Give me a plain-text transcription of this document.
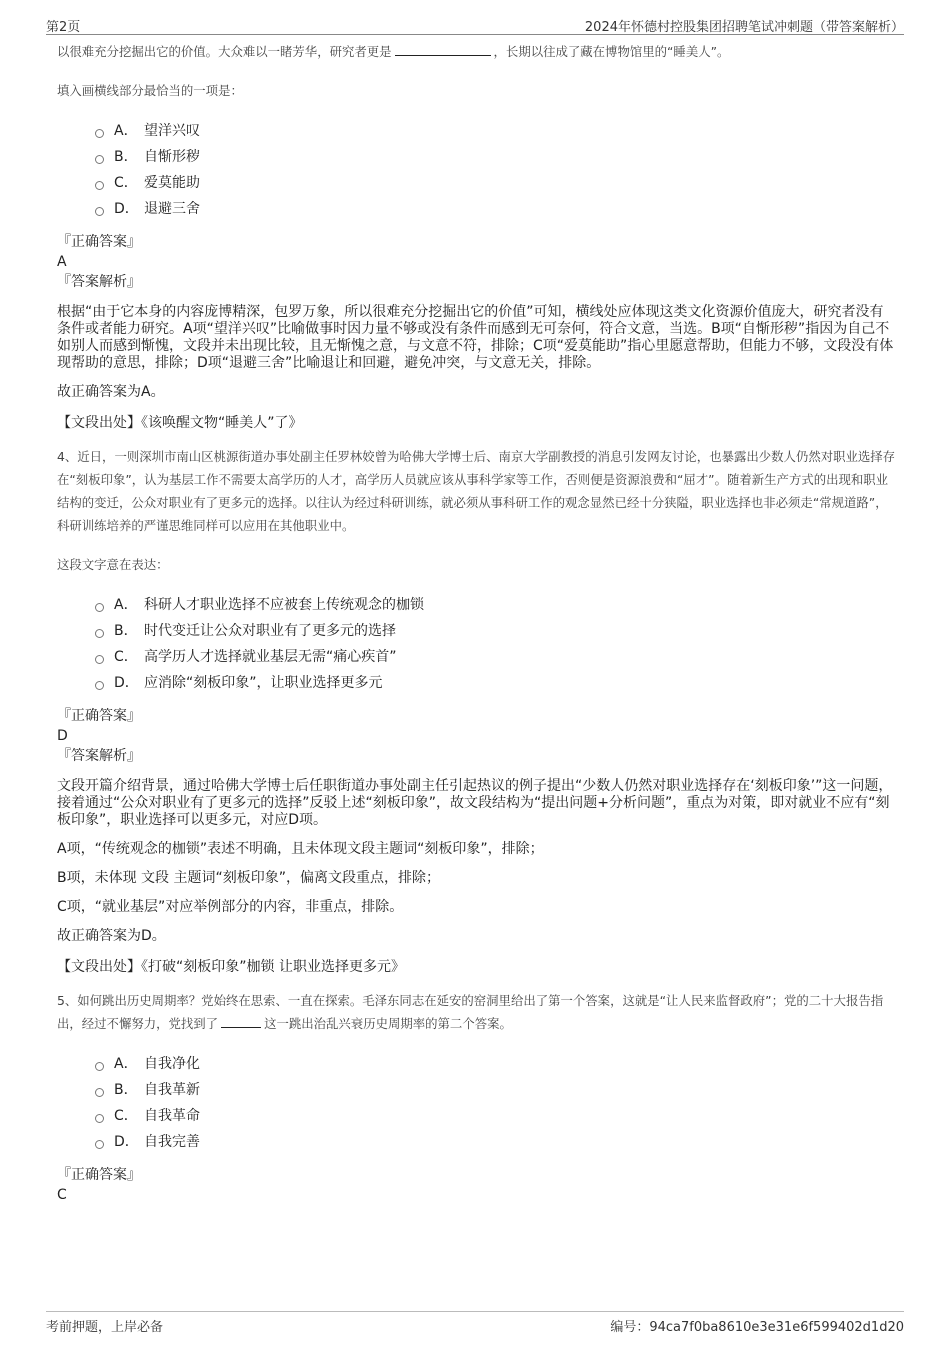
第2页	2024年怀德村控股集团招聘笔试冲刺题（带答案解析）

以很难充分挖掘出它的价值。大众难以一睹芳华，研究者更是	，长期以往成了藏在博物馆里的“睡美人”。

填入画横线部分最恰当的一项是：

A． 望洋兴叹
B． 自惭形秽
C． 爱莫能助
D． 退避三舍

『正确答案』

A

『答案解析』

根据“由于它本身的内容庞博精深，包罗万象，所以很难充分挖掘出它的价值”可知，横线处应体现这类文化资源价值庞大，研究者没有条件或者能力研究。A项“望洋兴叹”比喻做事时因力量不够或没有条件而感到无可奈何，符合文意，当选。B项“自惭形秽”指因为自己不如别人而感到惭愧，文段并未出现比较，且无惭愧之意，与文意不符，排除；C项“爱莫能助”指心里愿意帮助，但能力不够，文段没有体现帮助的意思，排除；D项“退避三舍”比喻退让和回避，避免冲突，与文意无关，排除。

故正确答案为A。

【文段出处】《该唤醒文物“睡美人”了》

4、近日，一则深圳市南山区桃源街道办事处副主任罗林姣曾为哈佛大学博士后、南京大学副教授的消息引发网友讨论，也暴露出少数人仍然对职业选择存在“刻板印象”，认为基层工作不需要太高学历的人才，高学历人员就应该从事科学家等工作，否则便是资源浪费和“屈才”。随着新生产方式的出现和职业结构的变迁，公众对职业有了更多元的选择。以往认为经过科研训练，就必须从事科研工作的观念显然已经十分狭隘，职业选择也非必须走“常规道路”，科研训练培养的严谨思维同样可以应用在其他职业中。

这段文字意在表达：

A． 科研人才职业选择不应被套上传统观念的枷锁
B． 时代变迁让公众对职业有了更多元的选择
C． 高学历人才选择就业基层无需“痛心疾首”
D． 应消除“刻板印象”，让职业选择更多元

『正确答案』

D

『答案解析』

文段开篇介绍背景，通过哈佛大学博士后任职街道办事处副主任引起热议的例子提出“少数人仍然对职业选择存在‘刻板印象’”这一问题，接着通过“公众对职业有了更多元的选择”反驳上述“刻板印象”，故文段结构为“提出问题+分析问题”，重点为对策，即对就业不应有“刻板印象”，职业选择可以更多元，对应D项。

A项，“传统观念的枷锁”表述不明确，且未体现文段主题词“刻板印象”，排除；

B项，未体现 文段 主题词“刻板印象”，偏离文段重点，排除；

C项，“就业基层”对应举例部分的内容，非重点，排除。

故正确答案为D。

【文段出处】《打破“刻板印象”枷锁 让职业选择更多元》

5、如何跳出历史周期率？党始终在思索、一直在探索。毛泽东同志在延安的窑洞里给出了第一个答案，这就是“让人民来监督政府”；党的二十大报告指出，经过不懈努力，党找到了	这一跳出治乱兴衰历史周期率的第二个答案。

A． 自我净化
B． 自我革新
C． 自我革命
D． 自我完善

『正确答案』

C

考前押题，上岸必备	编号：94ca7f0ba8610e3e31e6f599402d1d20
